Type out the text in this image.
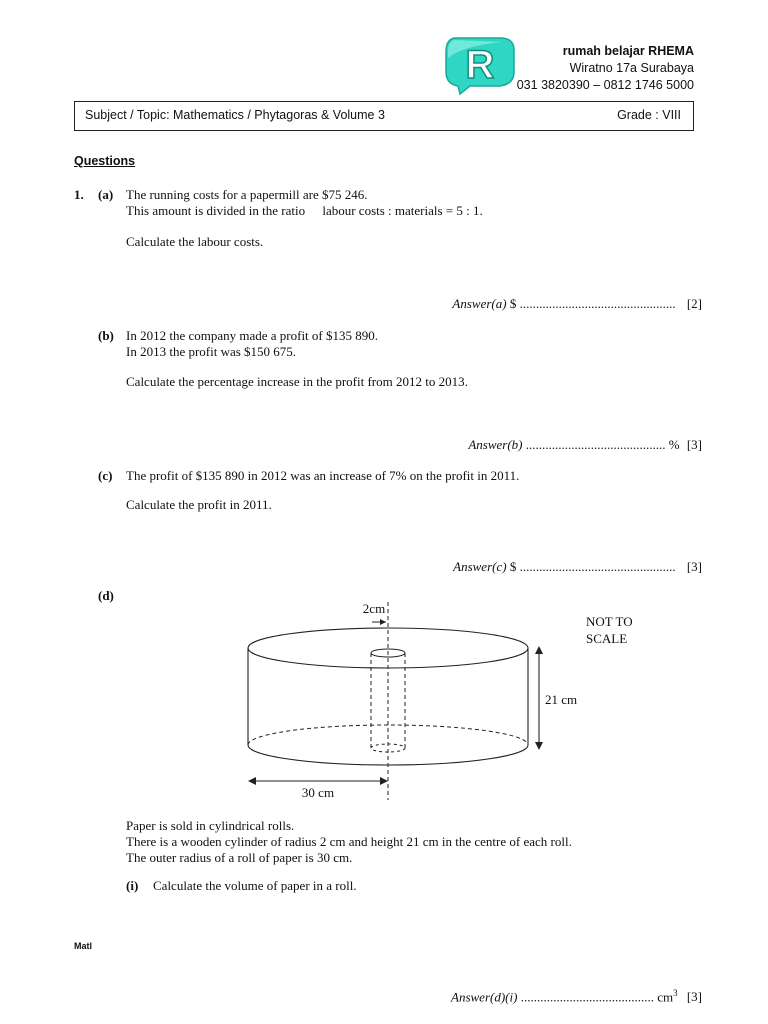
R	rumah belajar RHEMA
Wiratno 17a Surabaya
031 3820390 – 0812 1746 5000
Subject / Topic: Mathematics / Phytagoras & Volume 3	Grade : VIII
Questions
1. (a) The running costs for a papermill are $75 246.
This amount is divided in the ratio labour costs : materials = 5 : 1.
Calculate the labour costs.
Answer(a) $ ................................................ [2]
(b) In 2012 the company made a profit of $135 890.
In 2013 the profit was $150 675.
Calculate the percentage increase in the profit from 2012 to 2013.
Answer(b) ........................................... % [3]
(c) The profit of $135 890 in 2012 was an increase of 7% on the profit in 2011.
Calculate the profit in 2011.
Answer(c) $ ................................................ [3]
(d)
2cm
30 cm
21 cm
NOT TO
SCALE
Paper is sold in cylindrical rolls.
There is a wooden cylinder of radius 2 cm and height 21 cm in the centre of each roll.
The outer radius of a roll of paper is 30 cm.
(i) Calculate the volume of paper in a roll.
Matl
Answer(d)(i) ......................................... $cm^3$ [3]
